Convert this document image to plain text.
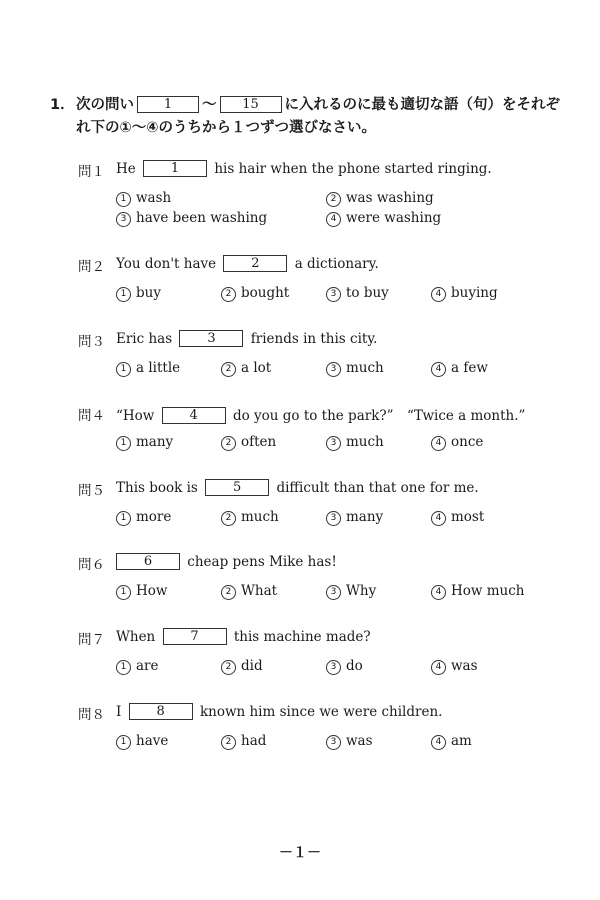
1． 次の問い 1 ～ 15 に入れるのに最も適切な語（句）をそれぞ
れ下の①～④のうちから１つずつ選びなさい。
問１ He	1	his hair when the phone started ringing.
1 wash	2 was washing
3 have been washing	4 were washing
問２ You don't have	2	a dictionary.
1 buy	2 bought	3 to buy	4 buying
問３ Eric has	3	friends in this city.
1 a little	2 a lot	3 much	4 a few
問４ “How	4	do you go to the park?”　“Twice a month.”
1 many	2 often	3 much	4 once
問５ This book is	5	difficult than that one for me.
1 more	2 much	3 many	4 most
問６	6	cheap pens Mike has!
1 How	2 What	3 Why	4 How much
問７ When	7	this machine made?
1 are	2 did	3 do	4 was
問８ I	8	known him since we were children.
1 have	2 had	3 was	4 am
－１－
